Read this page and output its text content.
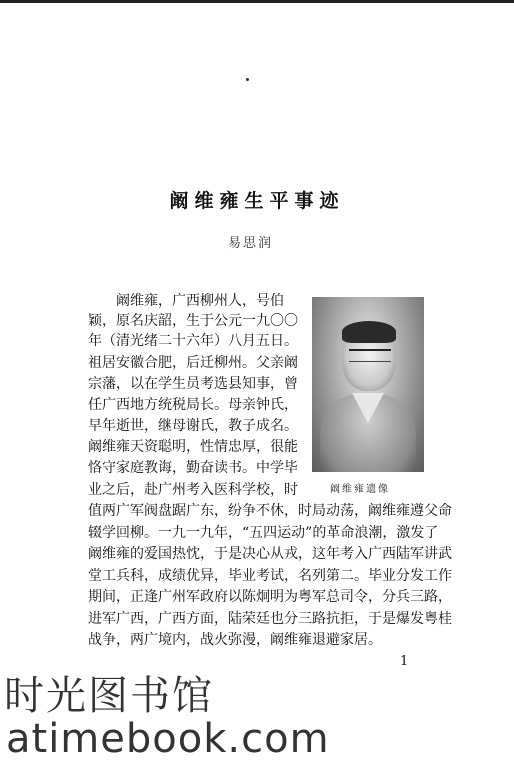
阚维雍生平事迹
易思润
阚维雍遗像
阚维雍，广西柳州人，号伯
颖，原名庆韶，生于公元一九〇〇
年（清光绪二十六年）八月五日。
祖居安徽合肥，后迁柳州。父亲阚
宗藩，以在学生员考选县知事，曾
任广西地方统税局长。母亲钟氏，
早年逝世，继母谢氏，教子成名。
阚维雍天资聪明，性情忠厚，很能
恪守家庭教诲，勤奋读书。中学毕
业之后，赴广州考入医科学校，时
值两广军阀盘踞广东，纷争不休，时局动荡，阚维雍遵父命
辍学回柳。一九一九年，“五四运动”的革命浪潮，激发了
阚维雍的爱国热忱，于是决心从戎，这年考入广西陆军讲武
堂工兵科，成绩优异，毕业考试，名列第二。毕业分发工作
期间，正逢广州军政府以陈炯明为粤军总司令，分兵三路，
进军广西，广西方面，陆荣廷也分三路抗拒，于是爆发粤桂
战争，两广境内，战火弥漫，阚维雍退避家居。
1
时光图书馆
atimebook.com
